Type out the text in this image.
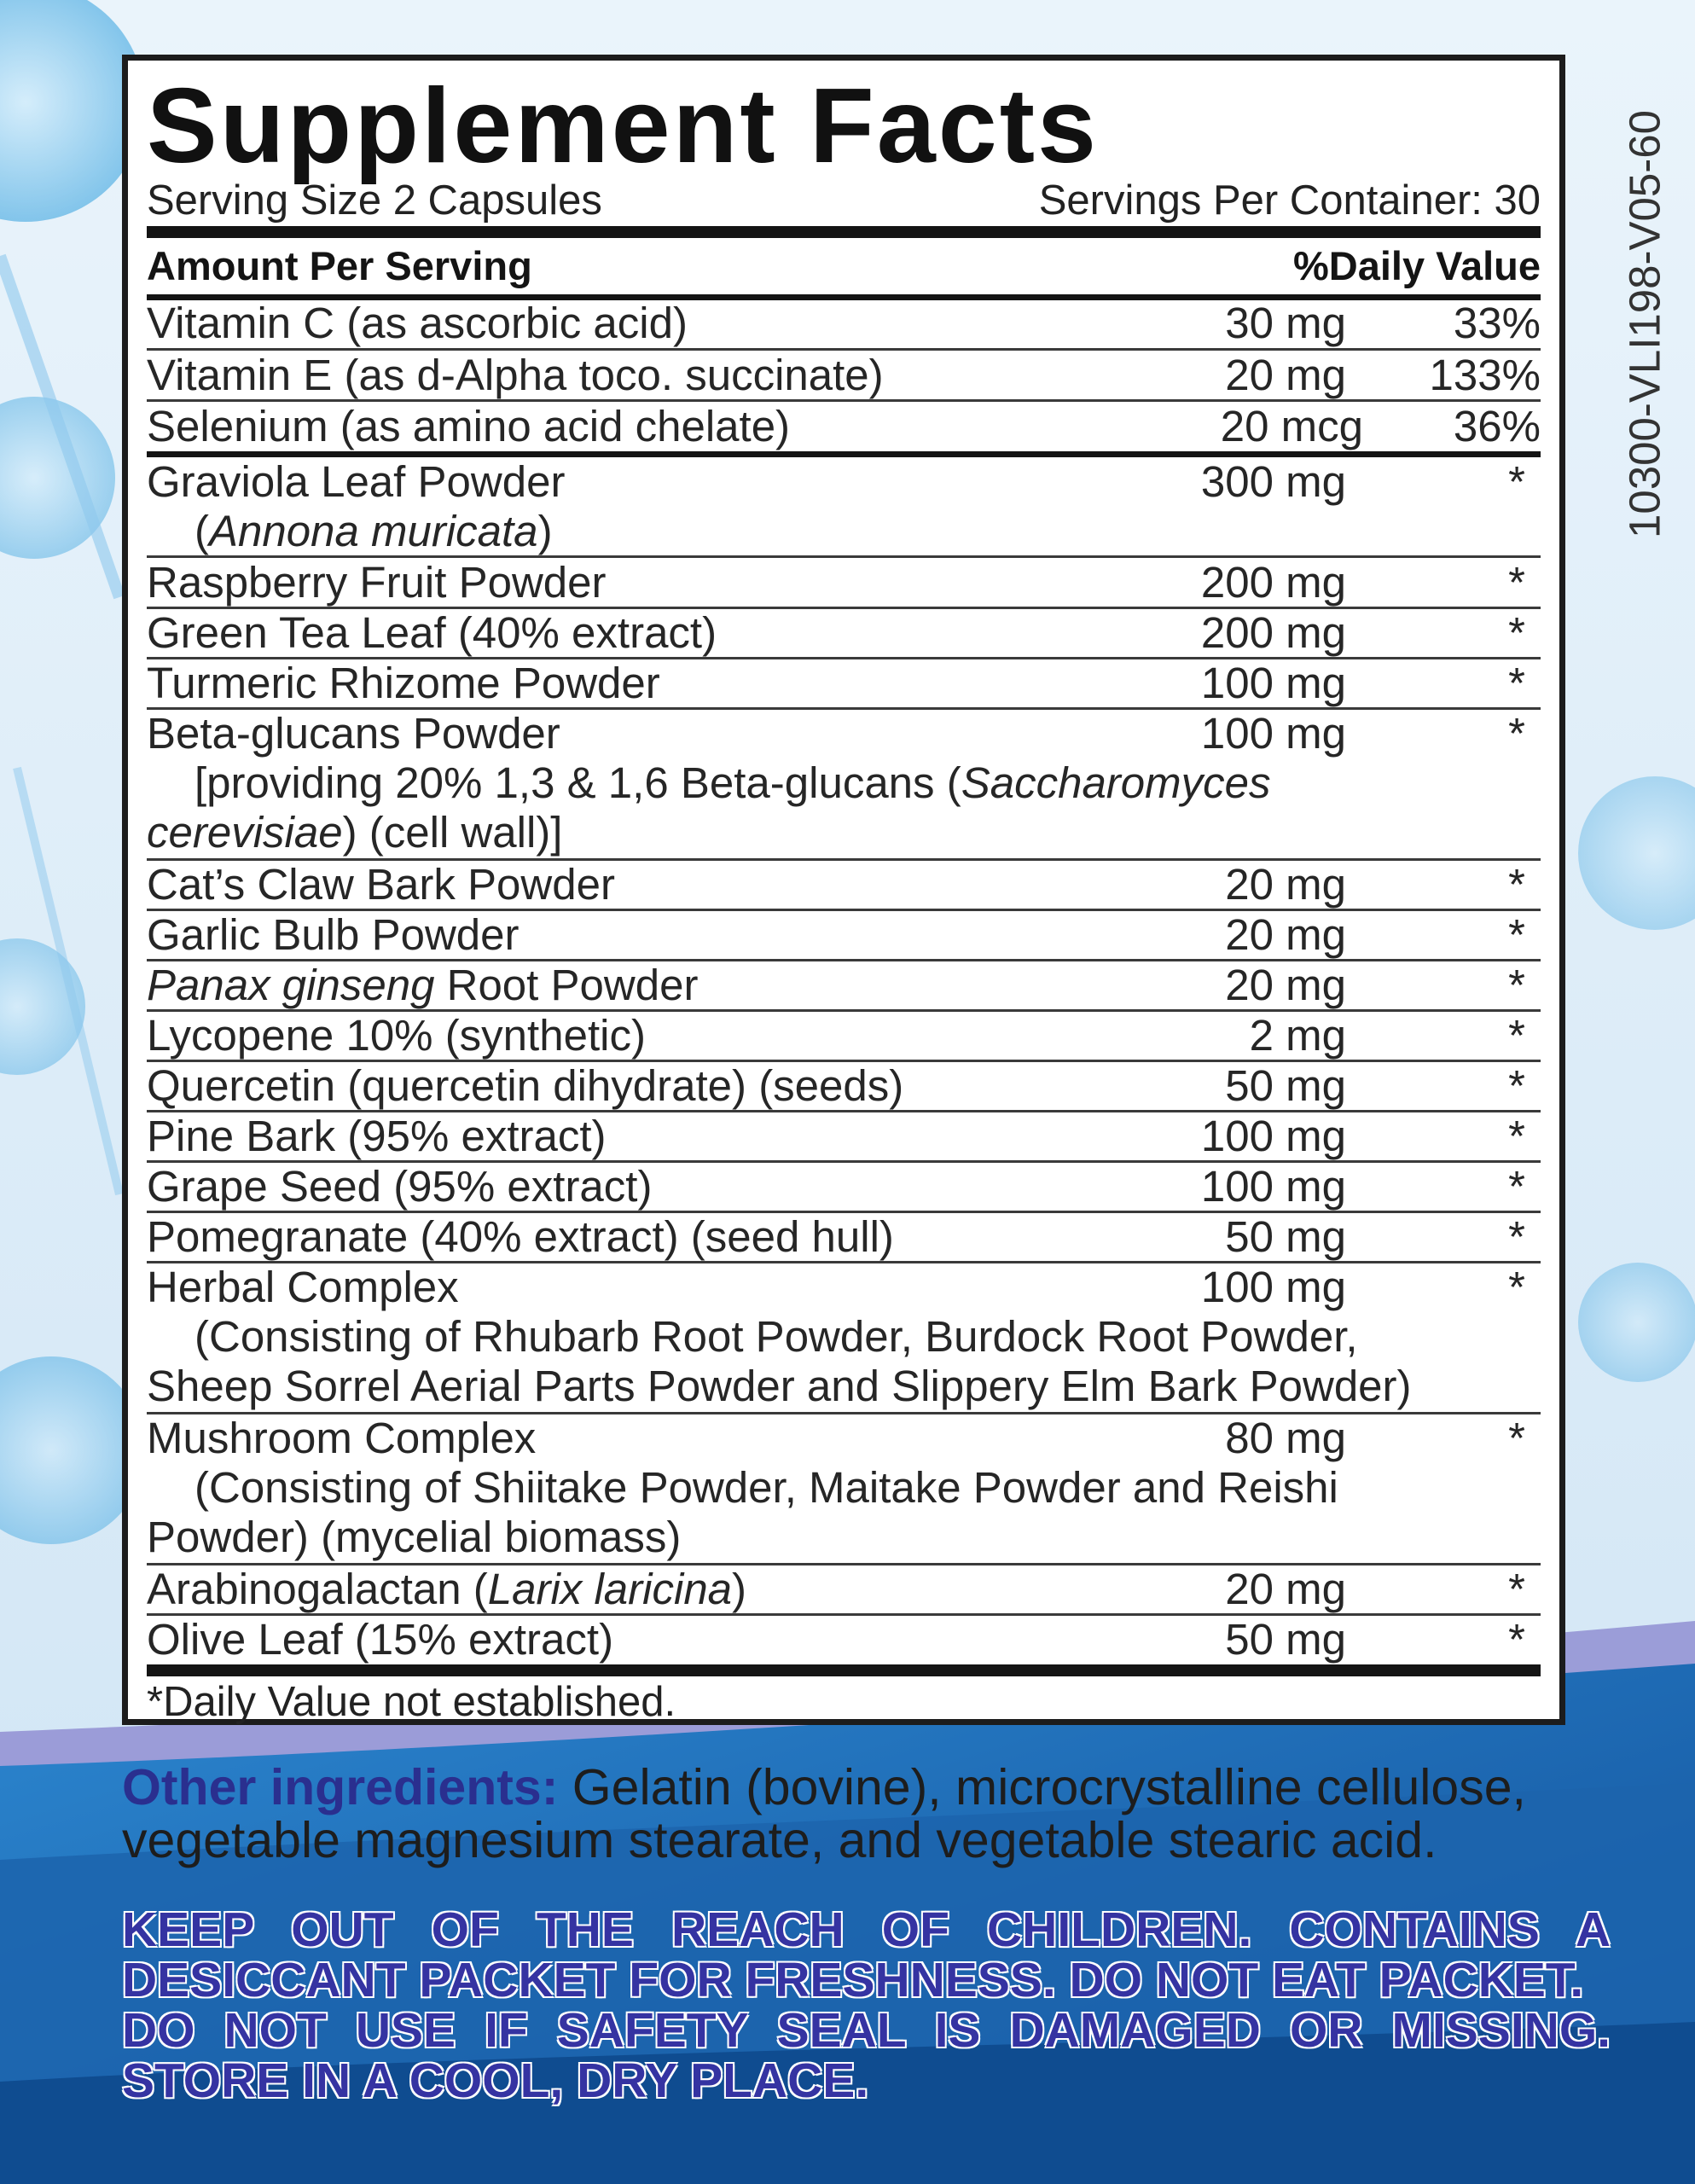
10300-VLI198-V05-60
Supplement Facts
Serving Size 2 Capsules	Servings Per Container: 30
Amount Per Serving	%Daily Value
Vitamin C (as ascorbic acid)	30 mg 33%
Vitamin E (as d-Alpha toco. succinate)	20 mg 133%
Selenium (as amino acid chelate)	20 mcg 36%
Graviola Leaf Powder	300 mg	*
(Annona muricata)
Raspberry Fruit Powder	200 mg	*
Green Tea Leaf (40% extract)	200 mg	*
Turmeric Rhizome Powder	100 mg	*
Beta-glucans Powder	100 mg	*
[providing 20% 1,3 & 1,6 Beta-glucans (Saccharomyces
cerevisiae) (cell wall)]
Cat’s Claw Bark Powder	20 mg	*
Garlic Bulb Powder	20 mg	*
Panax ginseng Root Powder	20 mg	*
Lycopene 10% (synthetic)	2 mg	*
Quercetin (quercetin dihydrate) (seeds)	50 mg	*
Pine Bark (95% extract)	100 mg	*
Grape Seed (95% extract)	100 mg	*
Pomegranate (40% extract) (seed hull)	50 mg	*
Herbal Complex	100 mg	*
(Consisting of Rhubarb Root Powder, Burdock Root Powder,
Sheep Sorrel Aerial Parts Powder and Slippery Elm Bark Powder)
Mushroom Complex	80 mg	*
(Consisting of Shiitake Powder, Maitake Powder and Reishi
Powder) (mycelial biomass)
Arabinogalactan (Larix laricina)	20 mg	*
Olive Leaf (15% extract)	50 mg	*
*Daily Value not established.
Other ingredients: Gelatin (bovine), microcrystalline cellulose,
vegetable magnesium stearate, and vegetable stearic acid.
KEEP OUT OF THE REACH OF CHILDREN. CONTAINS A
DESICCANT PACKET FOR FRESHNESS. DO NOT EAT PACKET.
DO NOT USE IF SAFETY SEAL IS DAMAGED OR MISSING.
STORE IN A COOL, DRY PLACE.
